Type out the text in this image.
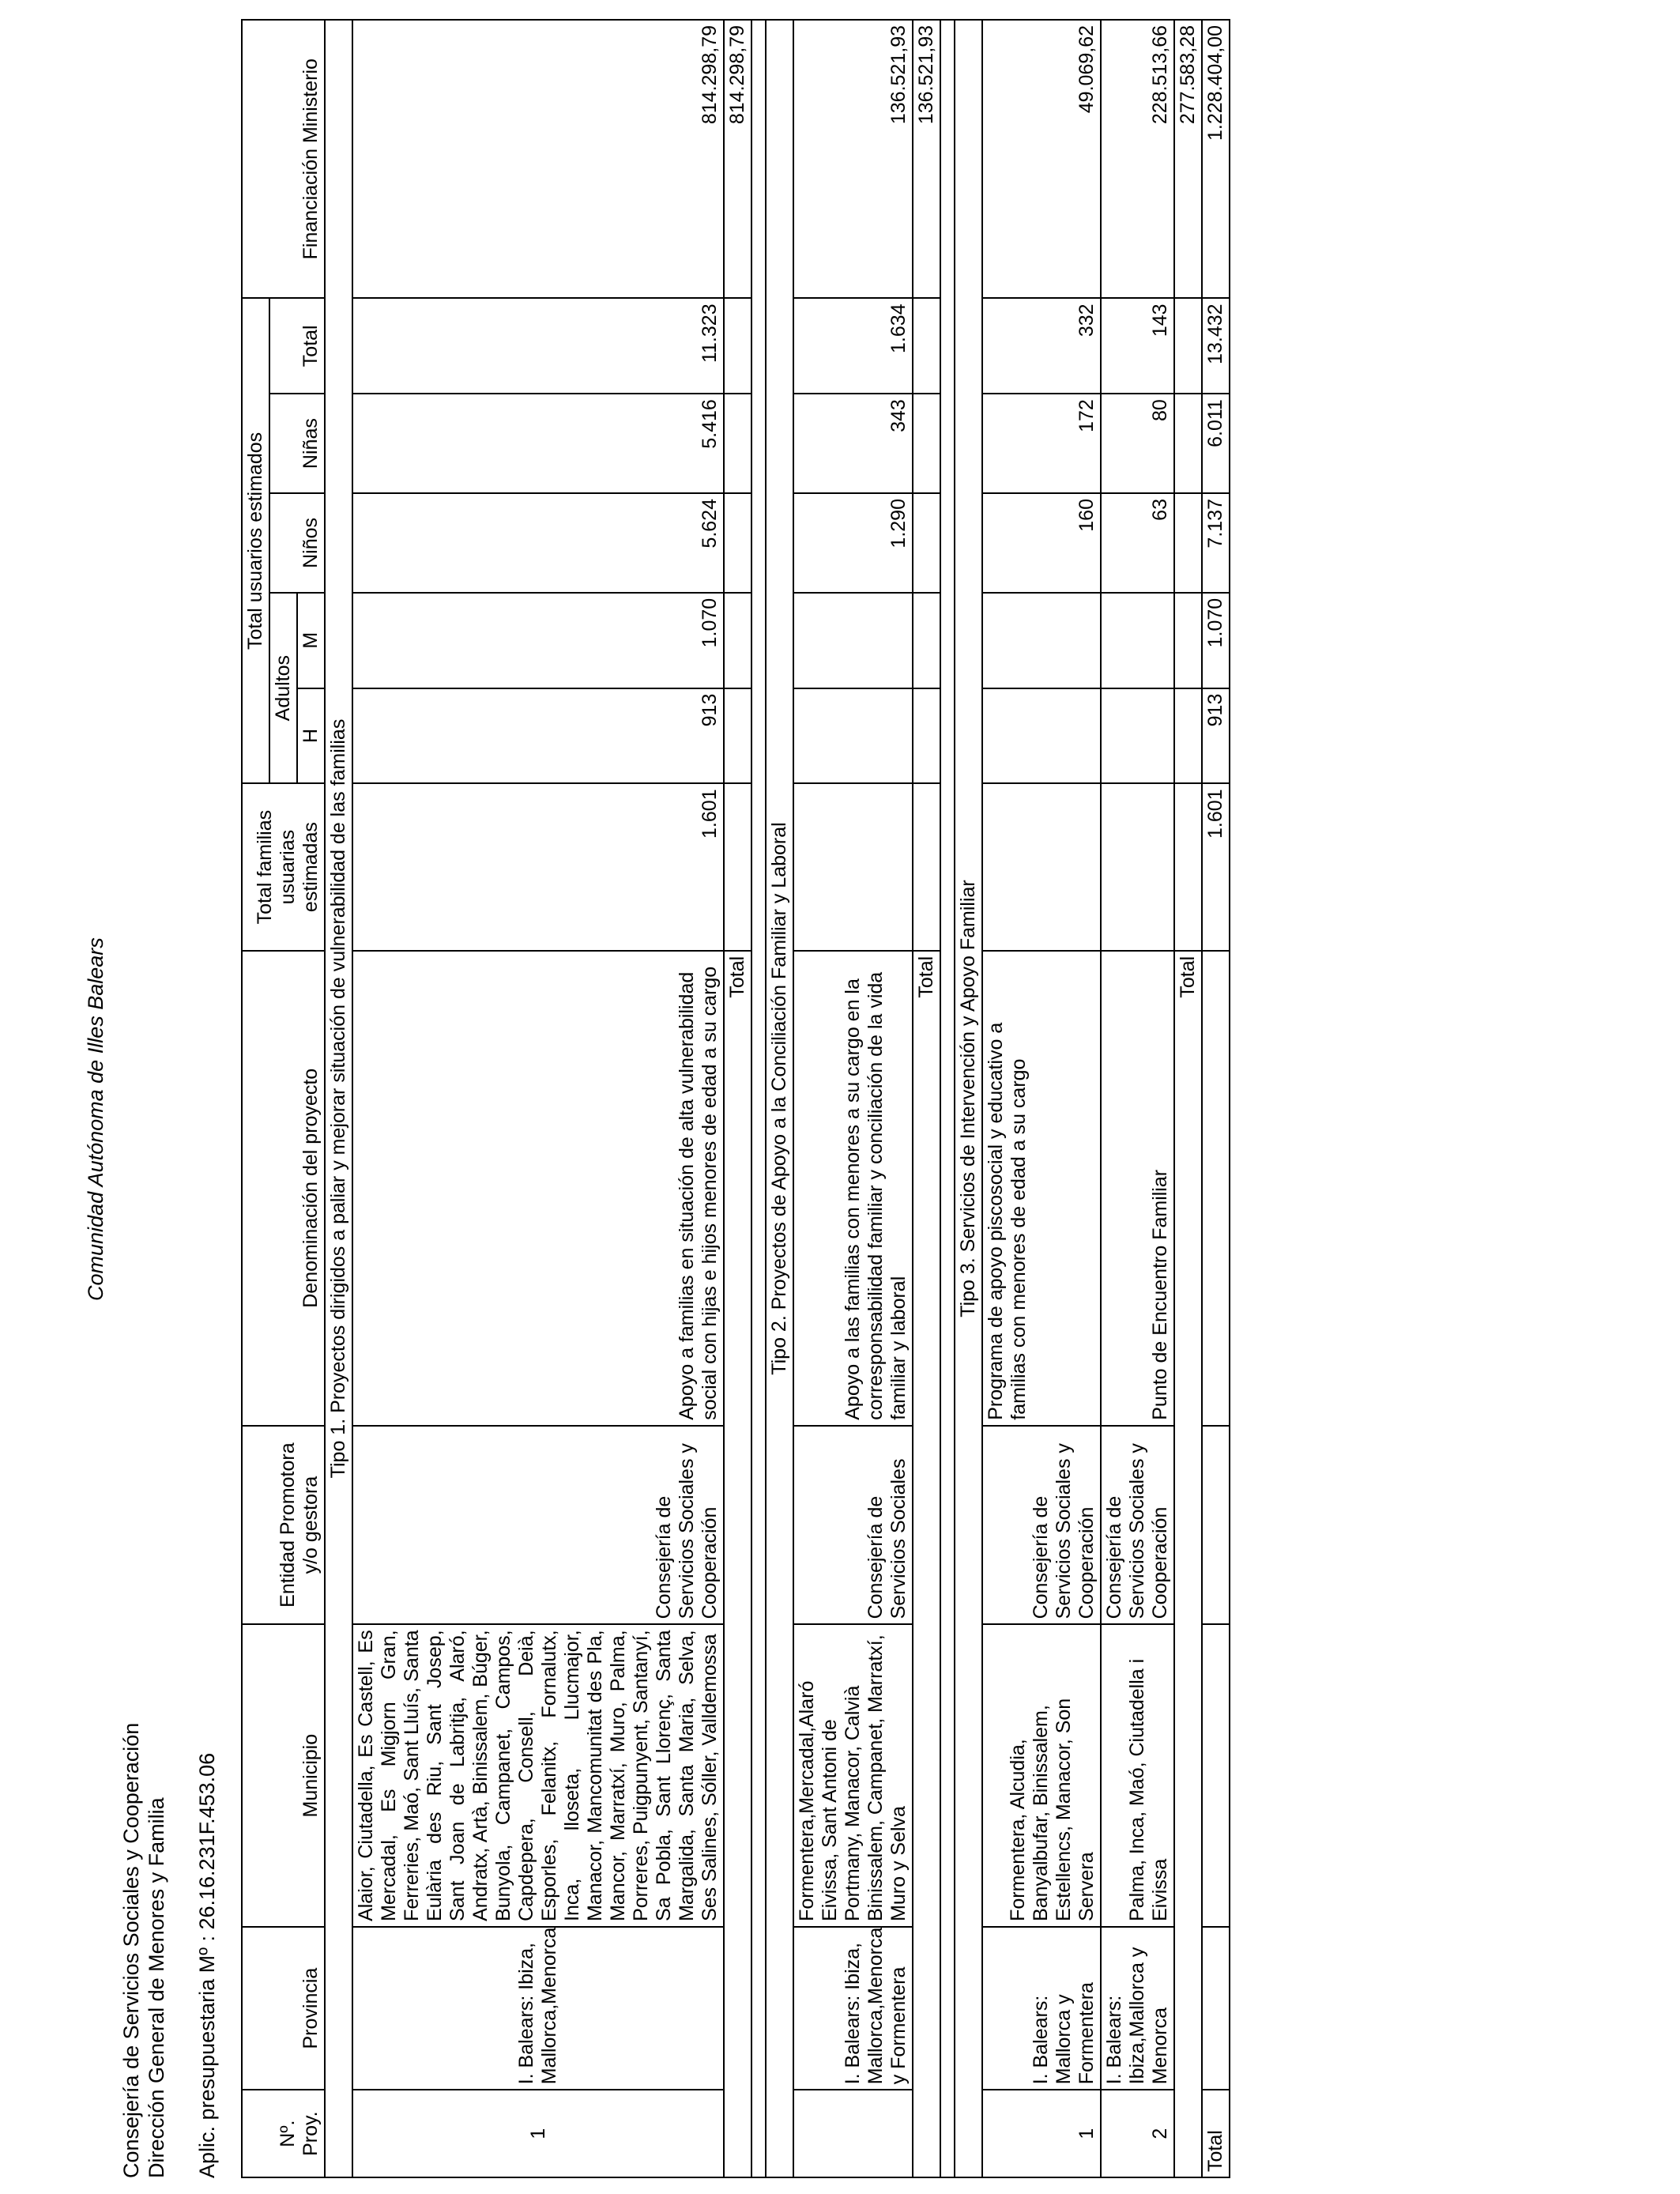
Comunidad Autónoma de Illes Balears
Consejería de Servicios Sociales y Cooperación Dirección General de Menores y Familia Aplic. presupuestaria Mº : 26.16.231F.453.06	Nº. Proy.	Provincia	Municipio	Entidad Promotora y/o gestora	Denominación del proyecto	Total familias usuarias estimadas	Total usuarios estimados					Financiación Ministerio
						Adultos		Niños	Niñas	Total	
						H	M				
Tipo 1. Proyectos dirigidos a paliar y mejorar situación de vulnerabilidad de las familias											
1	I. Balears: Ibiza, Mallorca,Menorca	Alaior, Ciutadella, Es Castell, Es Mercadal, Es Migjorn Gran, Ferreries, Maó, Sant Lluís, Santa Eulària des Riu, Sant Josep, Sant Joan de Labritja, Alaró, Andratx, Artà, Binissalem, Búger, Bunyola, Campanet, Campos, Capdepera, Consell, Deià, Esporles, Felanitx, Fornalutx, Inca, lloseta, Llucmajor, Manacor, Mancomunitat des Pla, Mancor, Marratxí, Muro, Palma, Porreres, Puigpunyent, Santanyí, Sa Pobla, Sant Llorenç, Santa Margalida, Santa Maria, Selva, Ses Salines, Sóller, Valldemossa	Consejería de Servicios Sociales y Cooperación	Apoyo a familias en situación de alta vulnerabilidad social con hijas e hijos menores de edad a su cargo	1.601	913	1.070	5.624	5.416	11.323	814.298,79
Total											814.298,79

Tipo 2. Proyectos de Apoyo a la Conciliación Familiar y Laboral											
	I. Balears: Ibiza, Mallorca,Menorca y Formentera	Formentera,Mercadal,Alaró Eivissa, Sant Antoni de Portmany, Manacor, Calvià Binissalem, Campanet, Marratxí, Muro y Selva	Consejería de Servicios Sociales	Apoyo a las familias con menores a su cargo en la corresponsabilidad familiar y conciliación de la vida familiar y laboral				1.290	343	1.634	136.521,93
Total											136.521,93

Tipo 3. Servicios de Intervención y Apoyo Familiar											
1	I. Balears: Mallorca y Formentera	Formentera, Alcudia, Banyalbufar, Binissalem, Estellencs, Manacor, Son Servera	Consejería de Servicios Sociales y Cooperación	Programa de apoyo piscosocial y educativo a familias con menores de edad a su cargo				160	172	332	49.069,62
2	I. Balears: Ibiza,Mallorca y Menorca	Palma, Inca, Maó, Ciutadella i Eivissa	Consejería de Servicios Sociales y Cooperación	Punto de Encuentro Familiar				63	80	143	228.513,66
Total											277.583,28
Total					1.601	913	1.070	7.137	6.011	13.432	1.228.404,00
